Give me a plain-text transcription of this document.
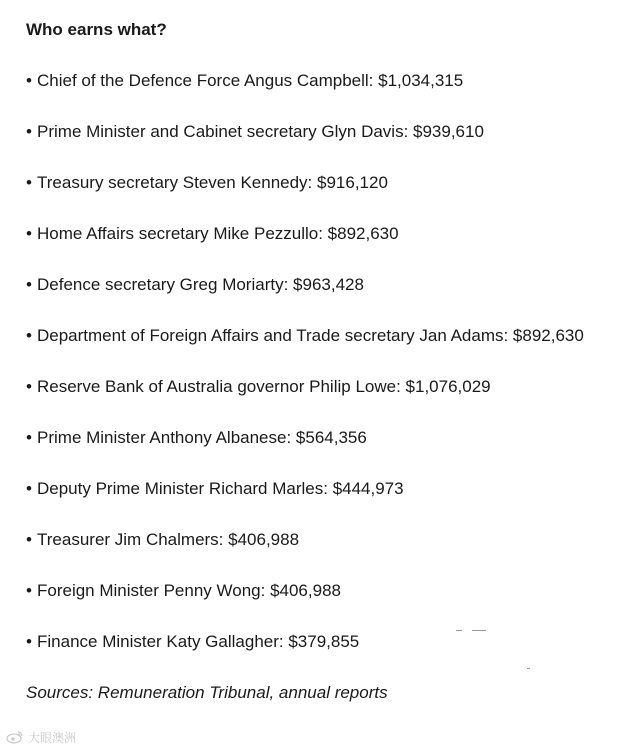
Who earns what?
• Chief of the Defence Force Angus Campbell: $1,034,315
• Prime Minister and Cabinet secretary Glyn Davis: $939,610
• Treasury secretary Steven Kennedy: $916,120
• Home Affairs secretary Mike Pezzullo: $892,630
• Defence secretary Greg Moriarty: $963,428
• Department of Foreign Affairs and Trade secretary Jan Adams: $892,630
• Reserve Bank of Australia governor Philip Lowe: $1,076,029
• Prime Minister Anthony Albanese: $564,356
• Deputy Prime Minister Richard Marles: $444,973
• Treasurer Jim Chalmers: $406,988
• Foreign Minister Penny Wong: $406,988
• Finance Minister Katy Gallagher: $379,855

Sources: Remuneration Tribunal, annual reports

大眼澳洲
